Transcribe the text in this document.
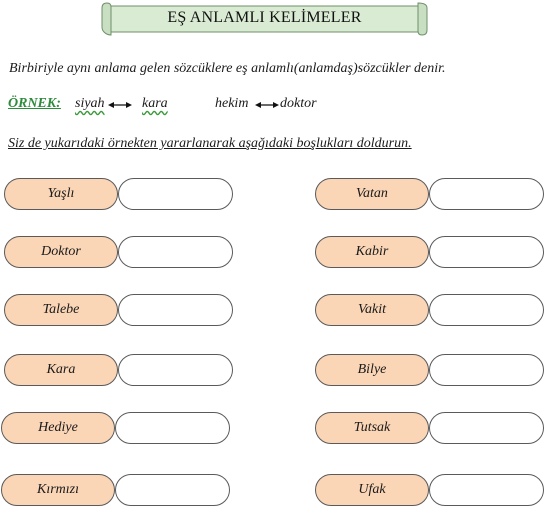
EŞ ANLAMLI KELİMELER
Birbiriyle aynı anlama gelen sözcüklere eş anlamlı(anlamdaş)sözcükler denir.
ÖRNEK: siyah	kara	hekim doktor
Siz de yukarıdaki örnekten yararlanarak aşağıdaki boşlukları doldurun.
Yaşlı
Doktor
Talebe
Kara
Hediye
Kırmızı
Vatan
Kabir
Vakit
Bilye
Tutsak
Ufak
